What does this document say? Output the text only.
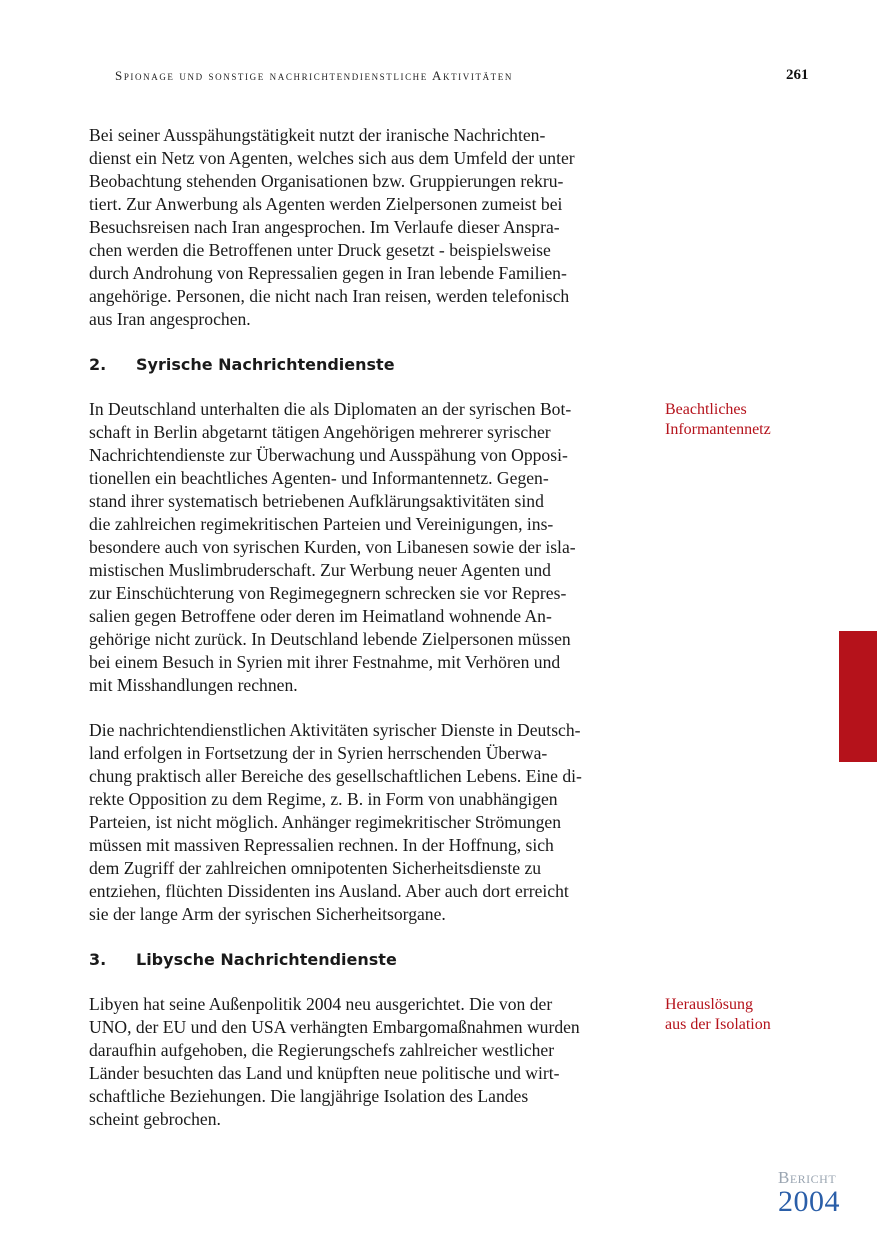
Spionage und sonstige nachrichtendienstliche Aktivitäten	261

Bei seiner Ausspähungstätigkeit nutzt der iranische Nachrichten-
dienst ein Netz von Agenten, welches sich aus dem Umfeld der unter
Beobachtung stehenden Organisationen bzw. Gruppierungen rekru-
tiert. Zur Anwerbung als Agenten werden Zielpersonen zumeist bei
Besuchsreisen nach Iran angesprochen. Im Verlaufe dieser Anspra-
chen werden die Betroffenen unter Druck gesetzt - beispielsweise
durch Androhung von Repressalien gegen in Iran lebende Familien-
angehörige. Personen, die nicht nach Iran reisen, werden telefonisch
aus Iran angesprochen.

2. Syrische Nachrichtendienste
Beachtliches
Informantennetz

In Deutschland unterhalten die als Diplomaten an der syrischen Bot-
schaft in Berlin abgetarnt tätigen Angehörigen mehrerer syrischer
Nachrichtendienste zur Überwachung und Ausspähung von Opposi-
tionellen ein beachtliches Agenten- und Informantennetz. Gegen-
stand ihrer systematisch betriebenen Aufklärungsaktivitäten sind
die zahlreichen regimekritischen Parteien und Vereinigungen, ins-
besondere auch von syrischen Kurden, von Libanesen sowie der isla-
mistischen Muslimbruderschaft. Zur Werbung neuer Agenten und
zur Einschüchterung von Regimegegnern schrecken sie vor Repres-
salien gegen Betroffene oder deren im Heimatland wohnende An-
gehörige nicht zurück. In Deutschland lebende Zielpersonen müssen
bei einem Besuch in Syrien mit ihrer Festnahme, mit Verhören und
mit Misshandlungen rechnen.

Die nachrichtendienstlichen Aktivitäten syrischer Dienste in Deutsch-
land erfolgen in Fortsetzung der in Syrien herrschenden Überwa-
chung praktisch aller Bereiche des gesellschaftlichen Lebens. Eine di-
rekte Opposition zu dem Regime, z. B. in Form von unabhängigen
Parteien, ist nicht möglich. Anhänger regimekritischer Strömungen
müssen mit massiven Repressalien rechnen. In der Hoffnung, sich
dem Zugriff der zahlreichen omnipotenten Sicherheitsdienste zu
entziehen, flüchten Dissidenten ins Ausland. Aber auch dort erreicht
sie der lange Arm der syrischen Sicherheitsorgane.

3. Libysche Nachrichtendienste
Herauslösung
aus der Isolation

Libyen hat seine Außenpolitik 2004 neu ausgerichtet. Die von der
UNO, der EU und den USA verhängten Embargomaßnahmen wurden
daraufhin aufgehoben, die Regierungschefs zahlreicher westlicher
Länder besuchten das Land und knüpften neue politische und wirt-
schaftliche Beziehungen. Die langjährige Isolation des Landes
scheint gebrochen.

Bericht
2004
